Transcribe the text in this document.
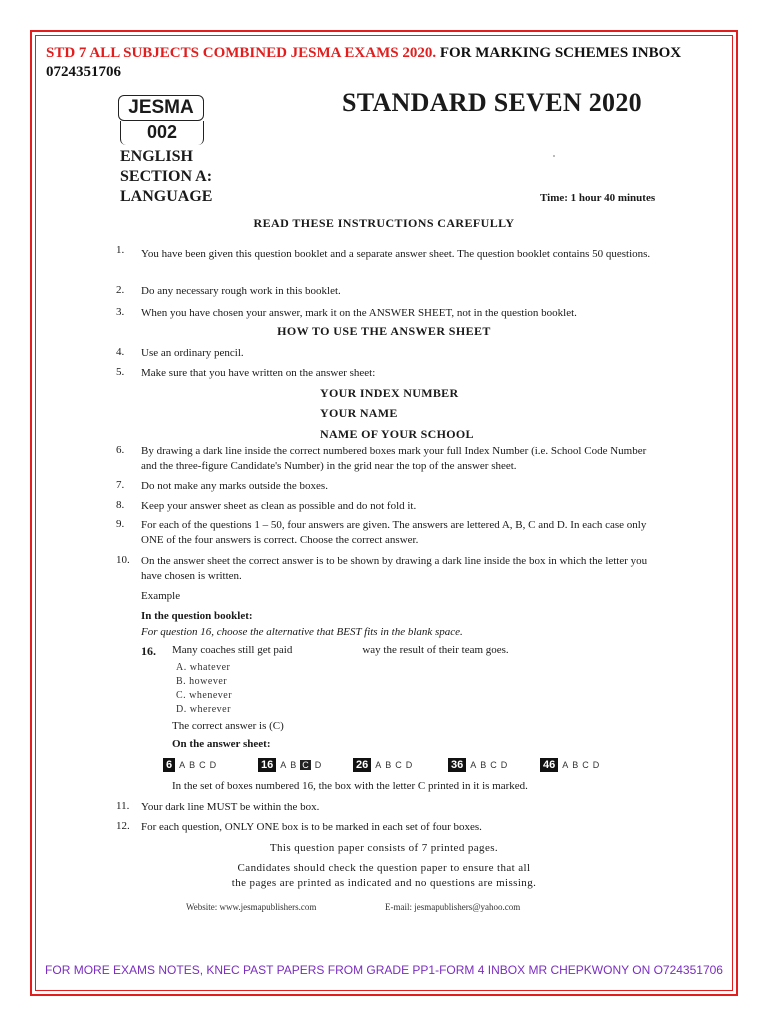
STD 7 ALL SUBJECTS COMBINED JESMA EXAMS 2020. FOR MARKING SCHEMES INBOX 0724351706
JESMA
002
STANDARD SEVEN 2020
ENGLISH
SECTION A:
LANGUAGE	Time: 1 hour 40 minutes
READ THESE INSTRUCTIONS CAREFULLY
1. You have been given this question booklet and a separate answer sheet. The question booklet contains 50 questions.
2. Do any necessary rough work in this booklet.
3. When you have chosen your answer, mark it on the ANSWER SHEET, not in the question booklet.
HOW TO USE THE ANSWER SHEET
4. Use an ordinary pencil.
5. Make sure that you have written on the answer sheet:
YOUR INDEX NUMBER
YOUR NAME
NAME OF YOUR SCHOOL
6. By drawing a dark line inside the correct numbered boxes mark your full Index Number (i.e. School Code Number and the three-figure Candidate's Number) in the grid near the top of the answer sheet.
7. Do not make any marks outside the boxes.
8. Keep your answer sheet as clean as possible and do not fold it.
9. For each of the questions 1 – 50, four answers are given. The answers are lettered A, B, C and D. In each case only ONE of the four answers is correct. Choose the correct answer.
10. On the answer sheet the correct answer is to be shown by drawing a dark line inside the box in which the letter you have chosen is written.
Example
In the question booklet:
For question 16, choose the alternative that BEST fits in the blank space.
16. Many coaches still get paid	way the result of their team goes.
A. whatever
B. however
C. whenever
D. wherever
The correct answer is (C)
On the answer sheet:
6 A B C D	16 A B C D	26 A B C D	36 A B C D	46 A B C D
In the set of boxes numbered 16, the box with the letter C printed in it is marked.
11. Your dark line MUST be within the box.
12. For each question, ONLY ONE box is to be marked in each set of four boxes.
This question paper consists of 7 printed pages.
Candidates should check the question paper to ensure that all
the pages are printed as indicated and no questions are missing.
Website: www.jesmapublishers.com	E-mail: jesmapublishers@yahoo.com
FOR MORE EXAMS NOTES, KNEC PAST PAPERS FROM GRADE PP1-FORM 4 INBOX MR CHEPKWONY ON O724351706
